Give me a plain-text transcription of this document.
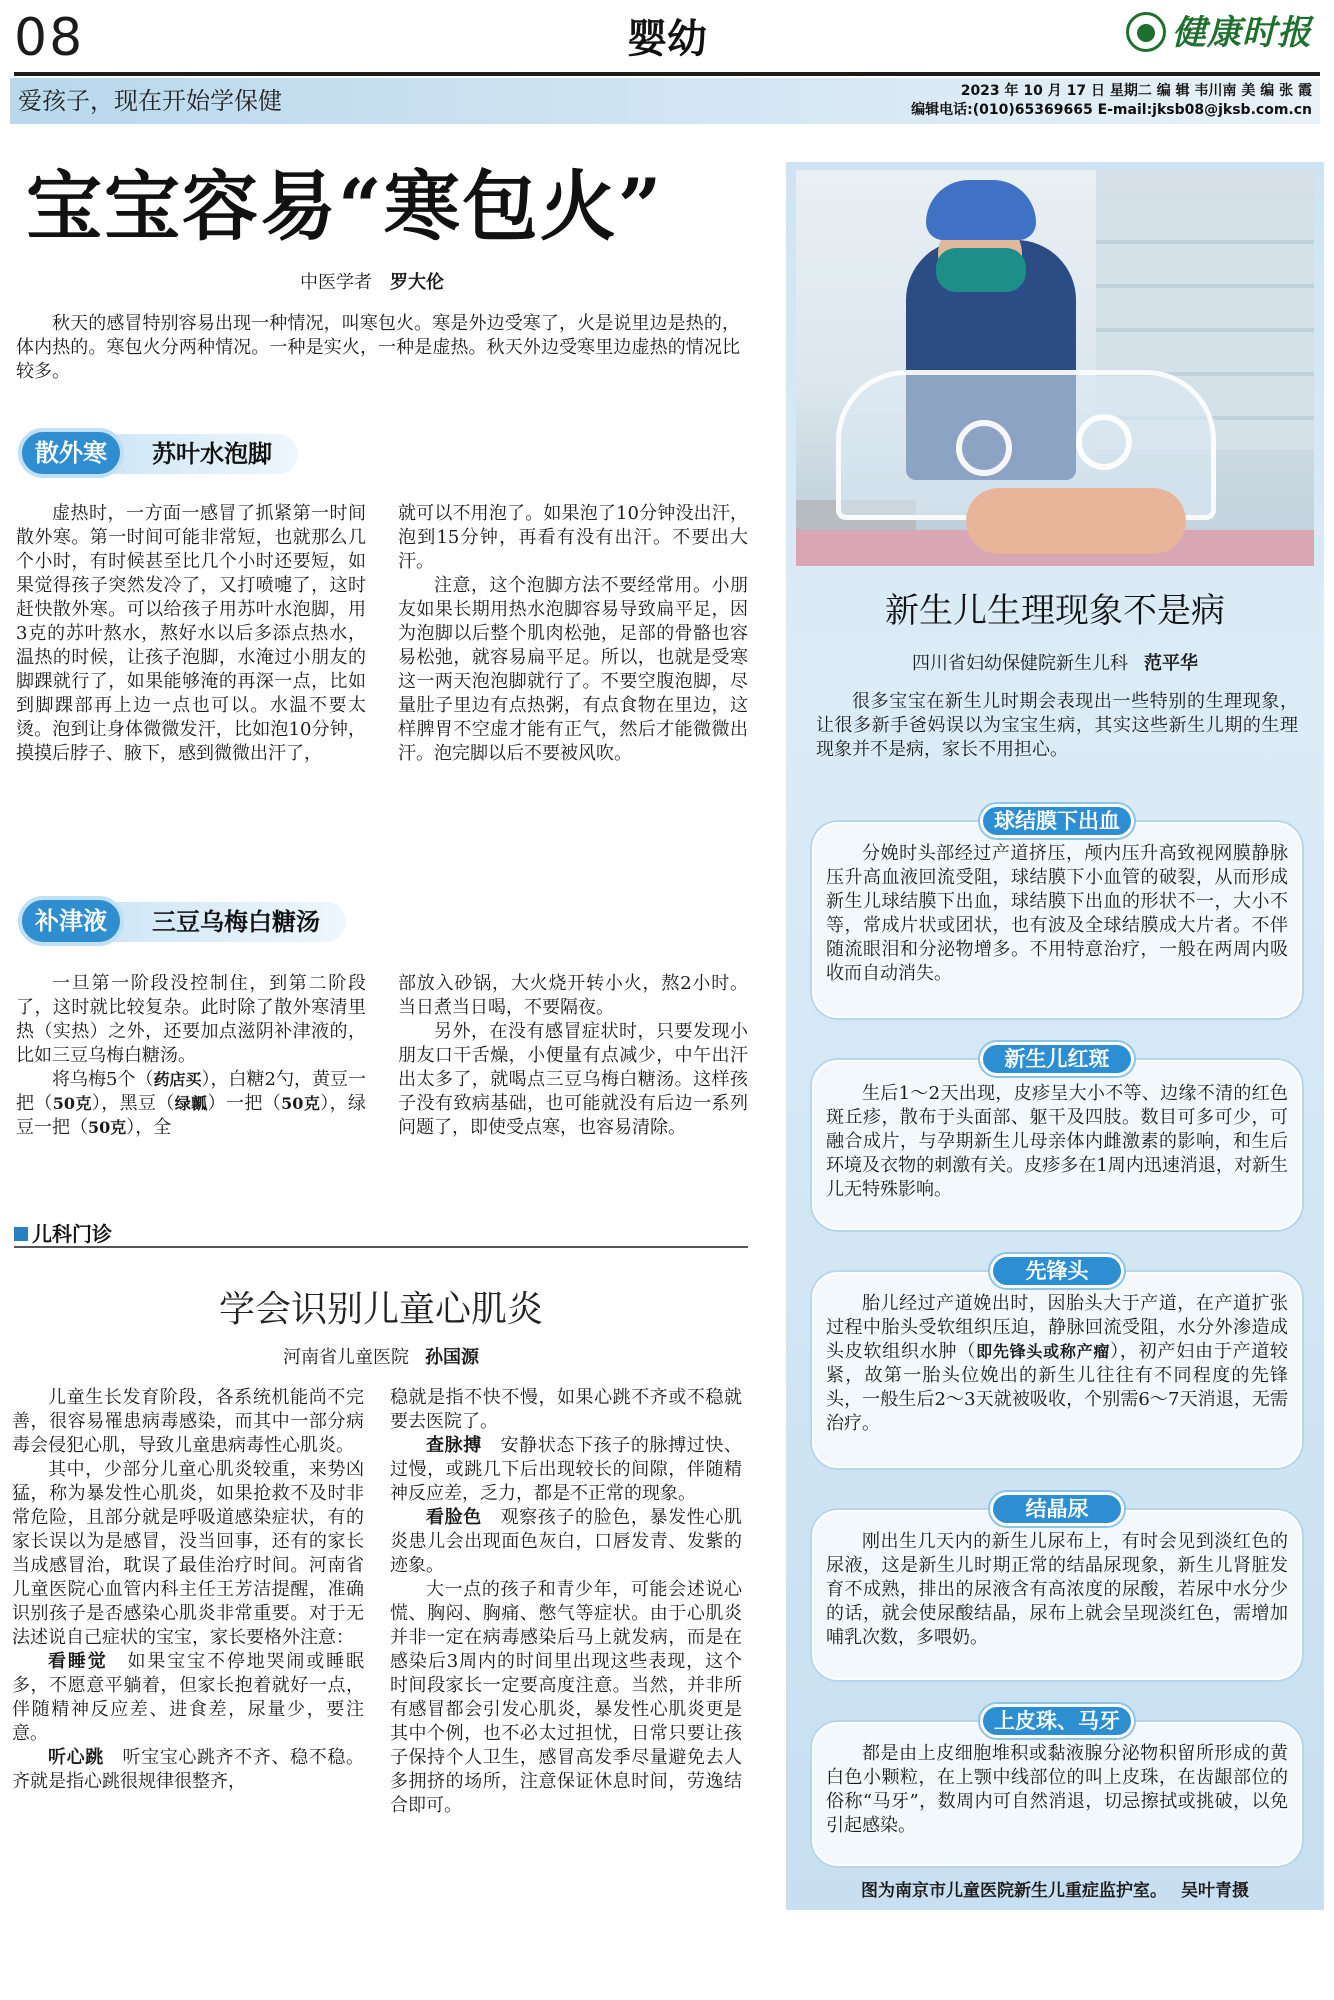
08	婴幼	健康时报
爱孩子，现在开始学保健	2023 年 10 月 17 日 星期二 编 辑 韦川南 美 编 张 霞
编辑电话:(010)65369665 E-mail:jksb08@jksb.com.cn
宝宝容易“寒包火”
中医学者 罗大伦

秋天的感冒特别容易出现一种情况，叫寒包火。寒是外边受寒了，火是说里边是热的，体内热的。寒包火分两种情况。一种是实火，一种是虚热。秋天外边受寒里边虚热的情况比较多。

苏叶水泡脚
散外寒

虚热时，一方面一感冒了抓紧第一时间散外寒。第一时间可能非常短，也就那么几个小时，有时候甚至比几个小时还要短，如果觉得孩子突然发冷了，又打喷嚏了，这时赶快散外寒。可以给孩子用苏叶水泡脚，用3克的苏叶熬水，熬好水以后多添点热水，温热的时候，让孩子泡脚，水淹过小朋友的脚踝就行了，如果能够淹的再深一点，比如到脚踝部再上边一点也可以。水温不要太烫。泡到让身体微微发汗，比如泡10分钟，摸摸后脖子、腋下，感到微微出汗了，

就可以不用泡了。如果泡了10分钟没出汗，泡到15分钟，再看有没有出汗。不要出大汗。

注意，这个泡脚方法不要经常用。小朋友如果长期用热水泡脚容易导致扁平足，因为泡脚以后整个肌肉松弛，足部的骨骼也容易松弛，就容易扁平足。所以，也就是受寒这一两天泡泡脚就行了。不要空腹泡脚，尽量肚子里边有点热粥，有点食物在里边，这样脾胃不空虚才能有正气，然后才能微微出汗。泡完脚以后不要被风吹。

三豆乌梅白糖汤
补津液

一旦第一阶段没控制住，到第二阶段了，这时就比较复杂。此时除了散外寒清里热（实热）之外，还要加点滋阴补津液的，比如三豆乌梅白糖汤。

将乌梅5个（药店买），白糖2勺，黄豆一把（50克），黑豆（绿瓤）一把（50克），绿豆一把（50克），全

部放入砂锅，大火烧开转小火，熬2小时。当日煮当日喝，不要隔夜。

另外，在没有感冒症状时，只要发现小朋友口干舌燥，小便量有点减少，中午出汗出太多了，就喝点三豆乌梅白糖汤。这样孩子没有致病基础，也可能就没有后边一系列问题了，即使受点寒，也容易清除。

儿科门诊
学会识别儿童心肌炎
河南省儿童医院 孙国源

儿童生长发育阶段，各系统机能尚不完善，很容易罹患病毒感染，而其中一部分病毒会侵犯心肌，导致儿童患病毒性心肌炎。

其中，少部分儿童心肌炎较重，来势凶猛，称为暴发性心肌炎，如果抢救不及时非常危险，且部分就是呼吸道感染症状，有的家长误以为是感冒，没当回事，还有的家长当成感冒治，耽误了最佳治疗时间。河南省儿童医院心血管内科主任王芳洁提醒，准确识别孩子是否感染心肌炎非常重要。对于无法述说自己症状的宝宝，家长要格外注意：

看睡觉　 如果宝宝不停地哭闹或睡眠多，不愿意平躺着，但家长抱着就好一点，伴随精神反应差、进食差，尿量少，要注意。

听心跳　 听宝宝心跳齐不齐、稳不稳。齐就是指心跳很规律很整齐，

稳就是指不快不慢，如果心跳不齐或不稳就要去医院了。

查脉搏　 安静状态下孩子的脉搏过快、过慢，或跳几下后出现较长的间隙，伴随精神反应差，乏力，都是不正常的现象。

看脸色　 观察孩子的脸色，暴发性心肌炎患儿会出现面色灰白，口唇发青、发紫的迹象。

大一点的孩子和青少年，可能会述说心慌、胸闷、胸痛、憋气等症状。由于心肌炎并非一定在病毒感染后马上就发病，而是在感染后3周内的时间里出现这些表现，这个时间段家长一定要高度注意。当然，并非所有感冒都会引发心肌炎，暴发性心肌炎更是其中个例，也不必太过担忧，日常只要让孩子保持个人卫生，感冒高发季尽量避免去人多拥挤的场所，注意保证休息时间，劳逸结合即可。

新生儿生理现象不是病
四川省妇幼保健院新生儿科 范平华

很多宝宝在新生儿时期会表现出一些特别的生理现象，让很多新手爸妈误以为宝宝生病，其实这些新生儿期的生理现象并不是病，家长不用担心。

球结膜下出血

分娩时头部经过产道挤压，颅内压升高致视网膜静脉压升高血液回流受阻，球结膜下小血管的破裂，从而形成新生儿球结膜下出血，球结膜下出血的形状不一，大小不等，常成片状或团状，也有波及全球结膜成大片者。不伴随流眼泪和分泌物增多。不用特意治疗，一般在两周内吸收而自动消失。

新生儿红斑

生后1～2天出现，皮疹呈大小不等、边缘不清的红色斑丘疹，散布于头面部、躯干及四肢。数目可多可少，可融合成片，与孕期新生儿母亲体内雌激素的影响，和生后环境及衣物的刺激有关。皮疹多在1周内迅速消退，对新生儿无特殊影响。

先锋头

胎儿经过产道娩出时，因胎头大于产道，在产道扩张过程中胎头受软组织压迫，静脉回流受阻，水分外渗造成头皮软组织水肿（即先锋头或称产瘤），初产妇由于产道较紧，故第一胎头位娩出的新生儿往往有不同程度的先锋头，一般生后2～3天就被吸收，个别需6～7天消退，无需治疗。

结晶尿

刚出生几天内的新生儿尿布上，有时会见到淡红色的尿液，这是新生儿时期正常的结晶尿现象，新生儿肾脏发育不成熟，排出的尿液含有高浓度的尿酸，若尿中水分少的话，就会使尿酸结晶，尿布上就会呈现淡红色，需增加哺乳次数，多喂奶。

上皮珠、马牙

都是由上皮细胞堆积或黏液腺分泌物积留所形成的黄白色小颗粒，在上颚中线部位的叫上皮珠，在齿龈部位的俗称“马牙”，数周内可自然消退，切忌擦拭或挑破，以免引起感染。

图为南京市儿童医院新生儿重症监护室。 吴叶青摄
